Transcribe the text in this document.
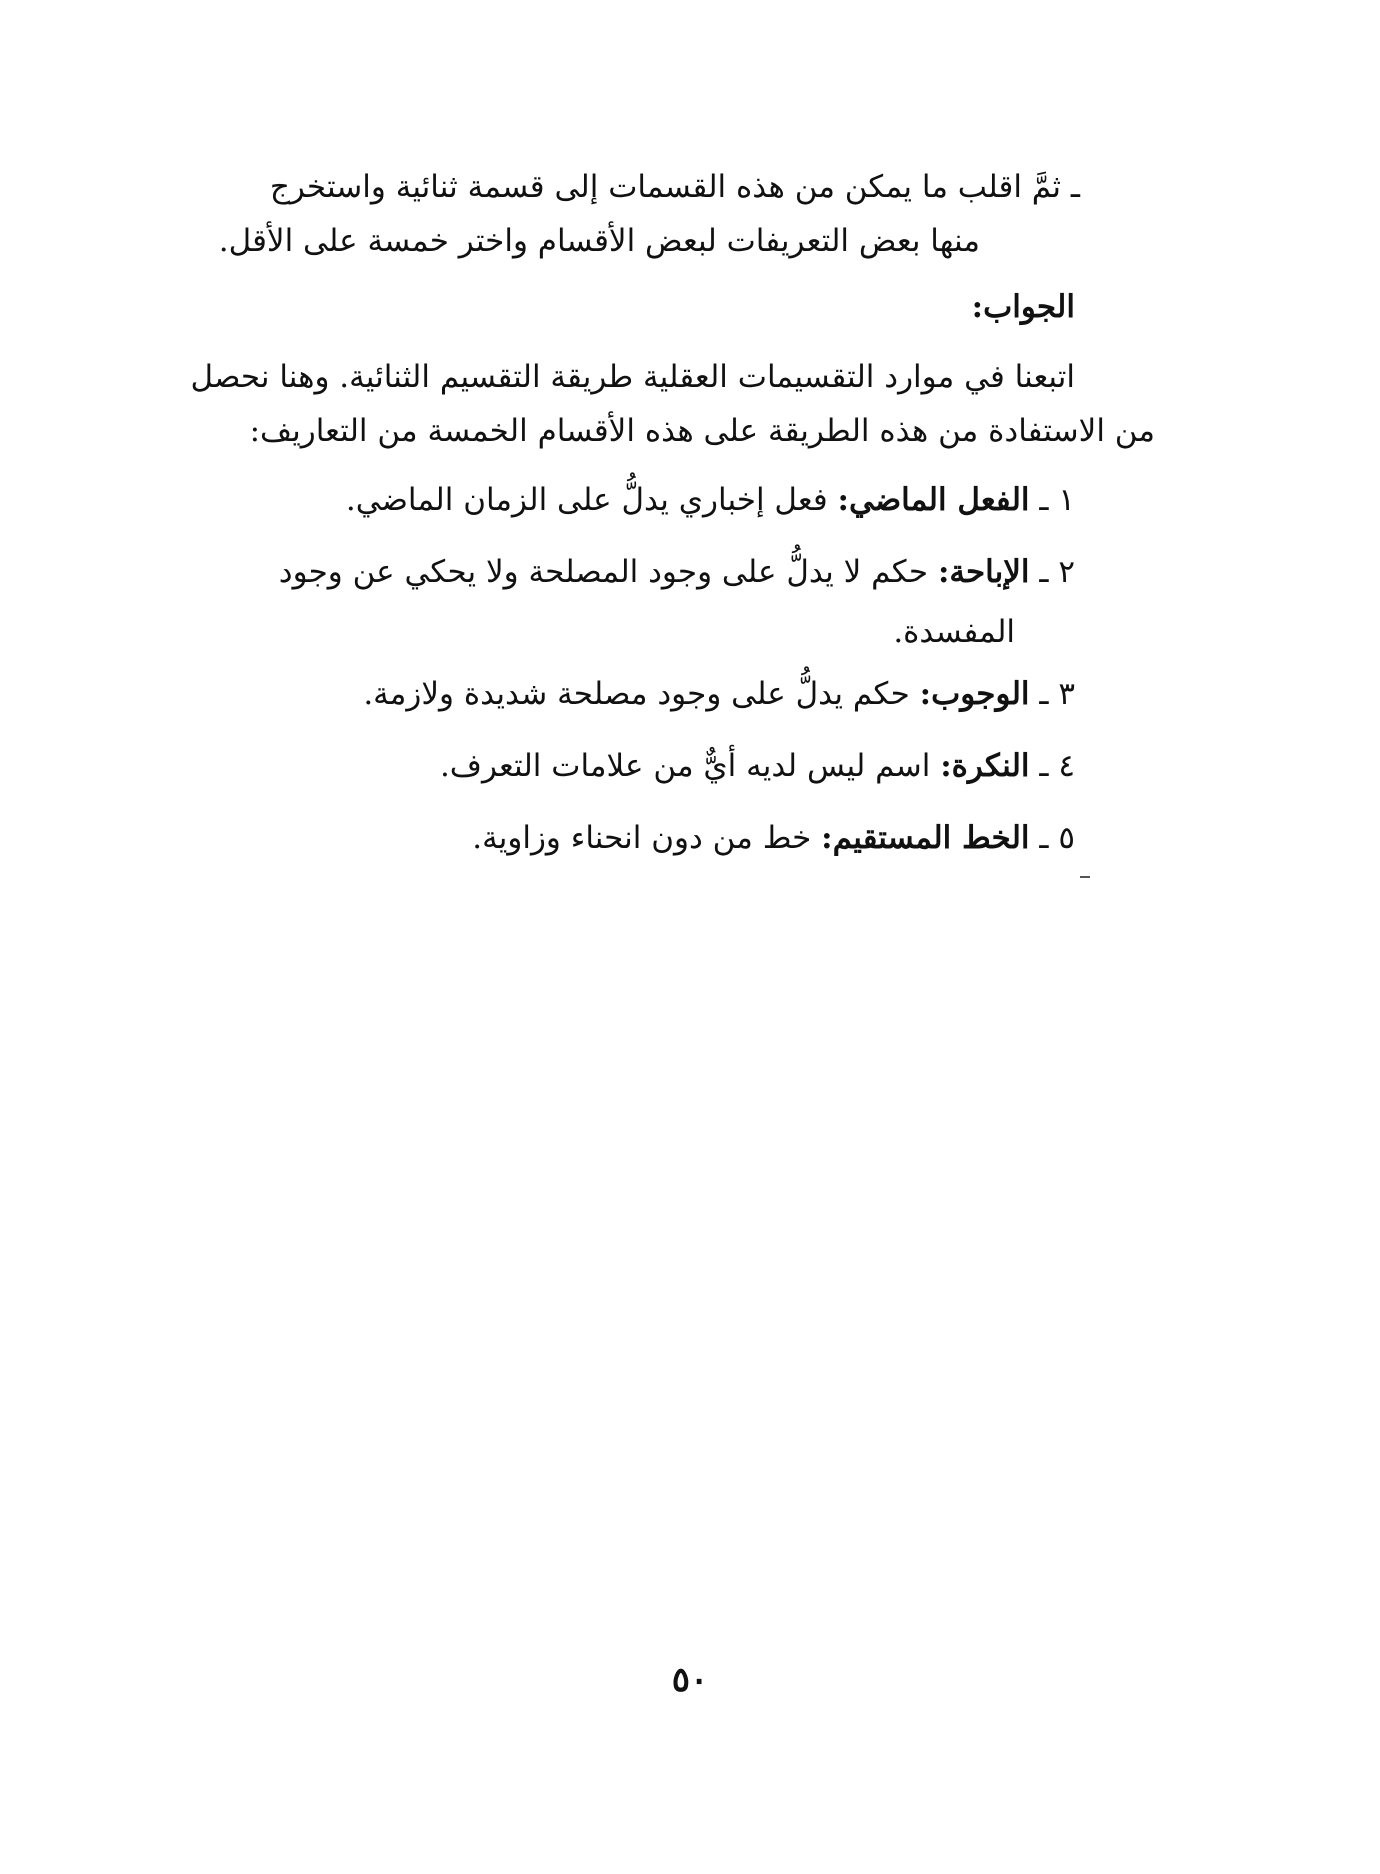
ـ ثمَّ اقلب ما يمكن من هذه القسمات إلى قسمة ثنائية واستخرج
منها بعض التعريفات لبعض الأقسام واختر خمسة على الأقل.
الجواب:
اتبعنا في موارد التقسيمات العقلية طريقة التقسيم الثنائية. وهنا نحصل
من الاستفادة من هذه الطريقة على هذه الأقسام الخمسة من التعاريف:
١ ـ الفعل الماضي: فعل إخباري يدلُّ على الزمان الماضي.
٢ ـ الإباحة: حكم لا يدلُّ على وجود المصلحة ولا يحكي عن وجود
المفسدة.
٣ ـ الوجوب: حكم يدلُّ على وجود مصلحة شديدة ولازمة.
٤ ـ النكرة: اسم ليس لديه أيٌّ من علامات التعرف.
٥ ـ الخط المستقيم: خط من دون انحناء وزاوية.
٥٠
